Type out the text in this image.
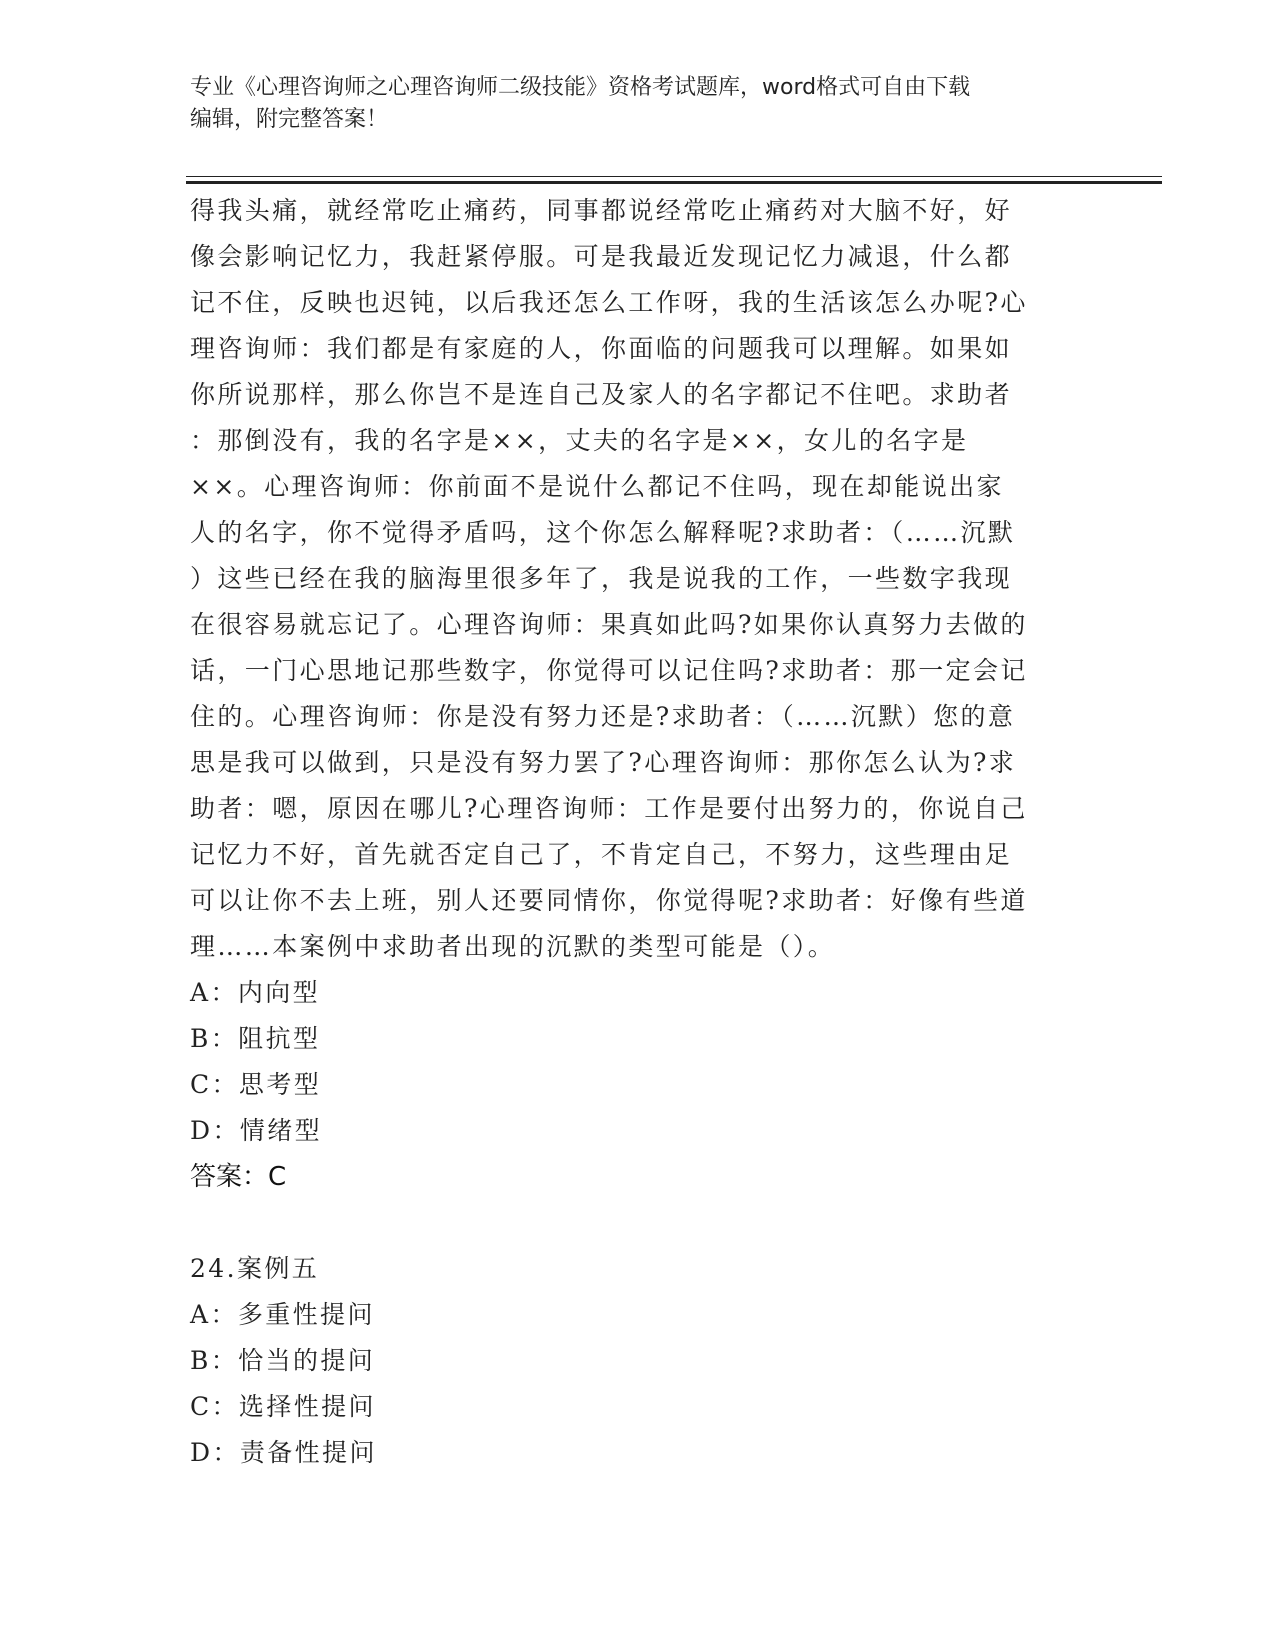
专业《心理咨询师之心理咨询师二级技能》资格考试题库，word格式可自由下载
编辑，附完整答案！
得我头痛，就经常吃止痛药，同事都说经常吃止痛药对大脑不好，好
像会影响记忆力，我赶紧停服。可是我最近发现记忆力减退，什么都
记不住，反映也迟钝，以后我还怎么工作呀，我的生活该怎么办呢?心
理咨询师：我们都是有家庭的人，你面临的问题我可以理解。如果如
你所说那样，那么你岂不是连自己及家人的名字都记不住吧。求助者
：那倒没有，我的名字是××，丈夫的名字是××，女儿的名字是
××。心理咨询师：你前面不是说什么都记不住吗，现在却能说出家
人的名字，你不觉得矛盾吗，这个你怎么解释呢?求助者：（……沉默
）这些已经在我的脑海里很多年了，我是说我的工作，一些数字我现
在很容易就忘记了。心理咨询师：果真如此吗?如果你认真努力去做的
话，一门心思地记那些数字，你觉得可以记住吗?求助者：那一定会记
住的。心理咨询师：你是没有努力还是?求助者：（……沉默）您的意
思是我可以做到，只是没有努力罢了?心理咨询师：那你怎么认为?求
助者：嗯，原因在哪儿?心理咨询师：工作是要付出努力的，你说自己
记忆力不好，首先就否定自己了，不肯定自己，不努力，这些理由足
可以让你不去上班，别人还要同情你，你觉得呢?求助者：好像有些道
理……本案例中求助者出现的沉默的类型可能是（）。
A：内向型
B：阻抗型
C：思考型
D：情绪型
答案：C
24.案例五
A：多重性提问
B：恰当的提问
C：选择性提问
D：责备性提问
